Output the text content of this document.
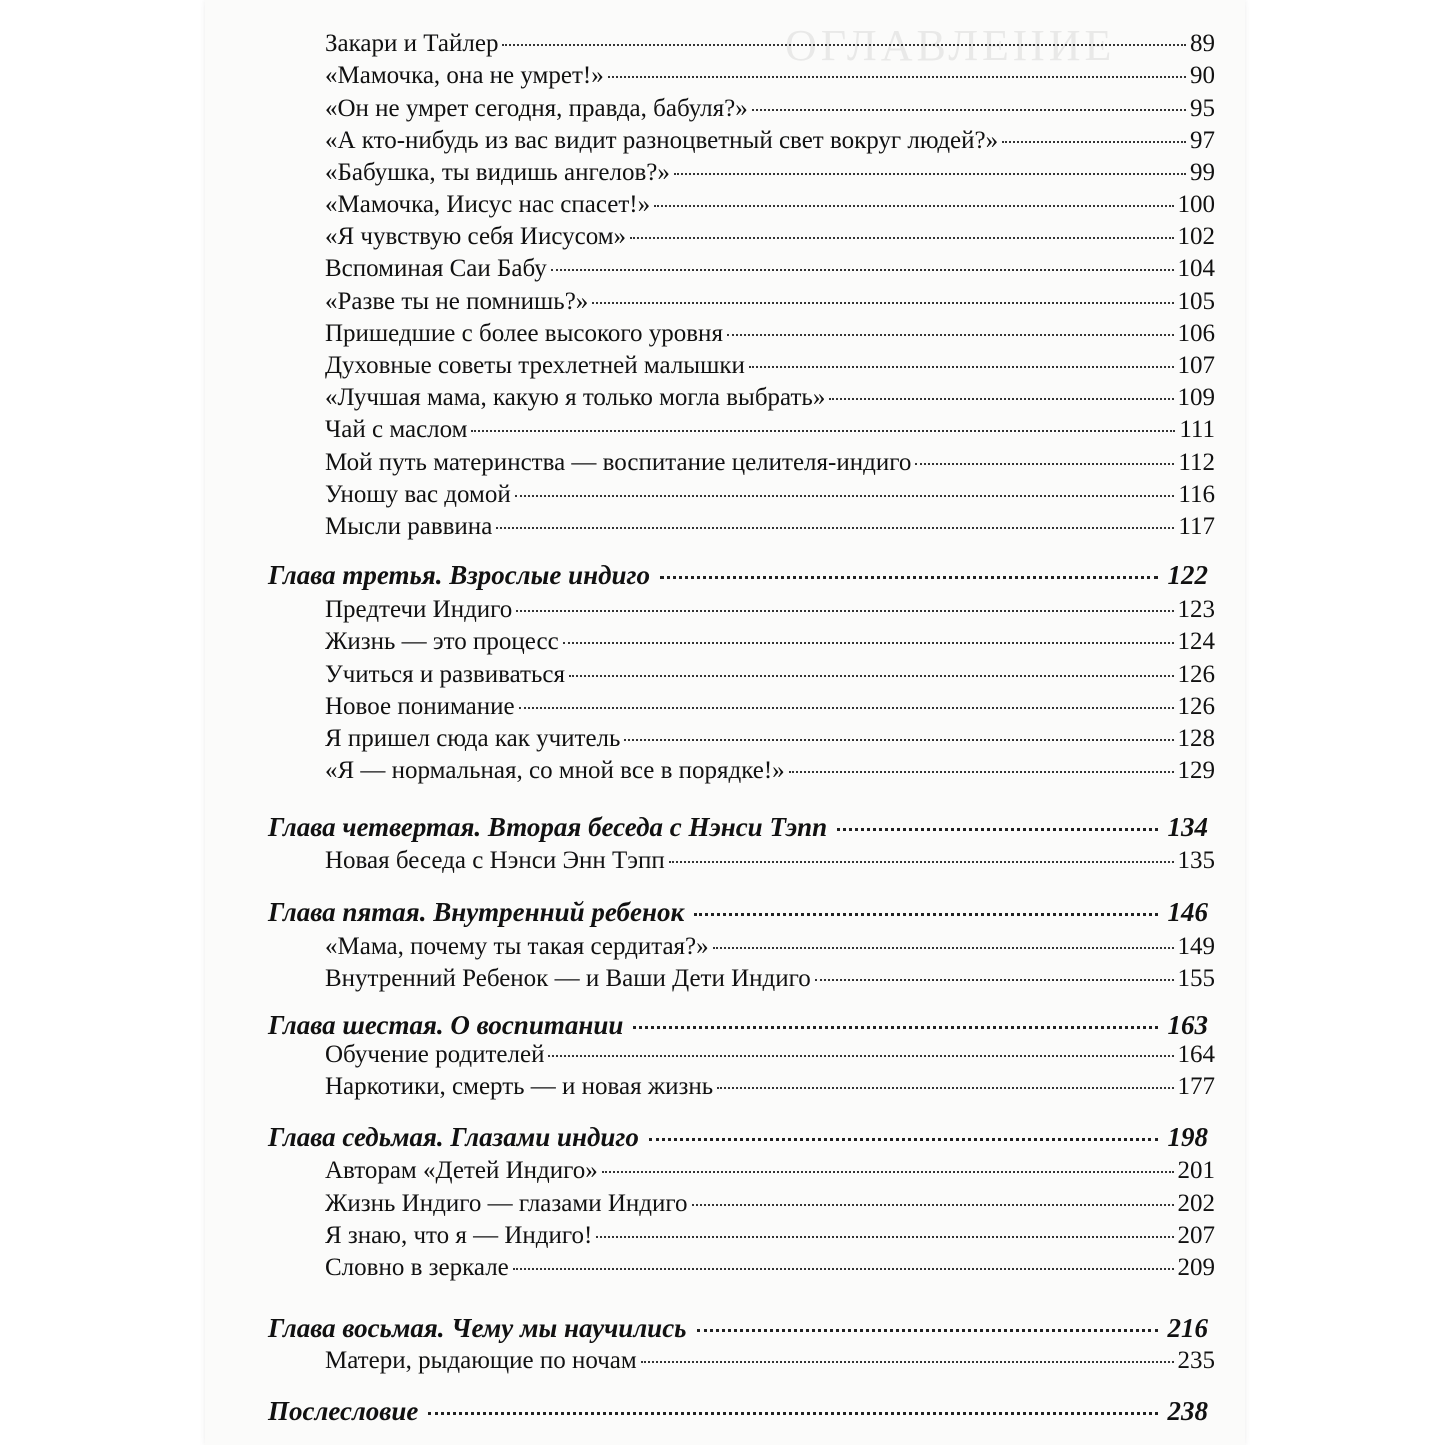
ОГЛАВЛЕНИЕ
Закари и Тайлер	89
«Мамочка, она не умрет!»	90
«Он не умрет сегодня, правда, бабуля?»	95
«А кто-нибудь из вас видит разноцветный свет вокруг людей?»	97
«Бабушка, ты видишь ангелов?»	99
«Мамочка, Иисус нас спасет!»	100
«Я чувствую себя Иисусом»	102
Вспоминая Саи Бабу	104
«Разве ты не помнишь?»	105
Пришедшие с более высокого уровня	106
Духовные советы трехлетней малышки	107
«Лучшая мама, какую я только могла выбрать»	109
Чай с маслом	111
Мой путь материнства — воспитание целителя-индиго	112
Уношу вас домой	116
Мысли раввина	117
Глава третья. Взрослые индиго	122
Предтечи Индиго	123
Жизнь — это процесс	124
Учиться и развиваться	126
Новое понимание	126
Я пришел сюда как учитель	128
«Я — нормальная, со мной все в порядке!»	129
Глава четвертая. Вторая беседа с Нэнси Тэпп	134
Новая беседа с Нэнси Энн Тэпп	135
Глава пятая. Внутренний ребенок	146
«Мама, почему ты такая сердитая?»	149
Внутренний Ребенок — и Ваши Дети Индиго	155
Глава шестая. О воспитании	163
Обучение родителей	164
Наркотики, смерть — и новая жизнь	177
Глава седьмая. Глазами индиго	198
Авторам «Детей Индиго»	201
Жизнь Индиго — глазами Индиго	202
Я знаю, что я — Индиго!	207
Словно в зеркале	209
Глава восьмая. Чему мы научились	216
Матери, рыдающие по ночам	235
Послесловие	238
